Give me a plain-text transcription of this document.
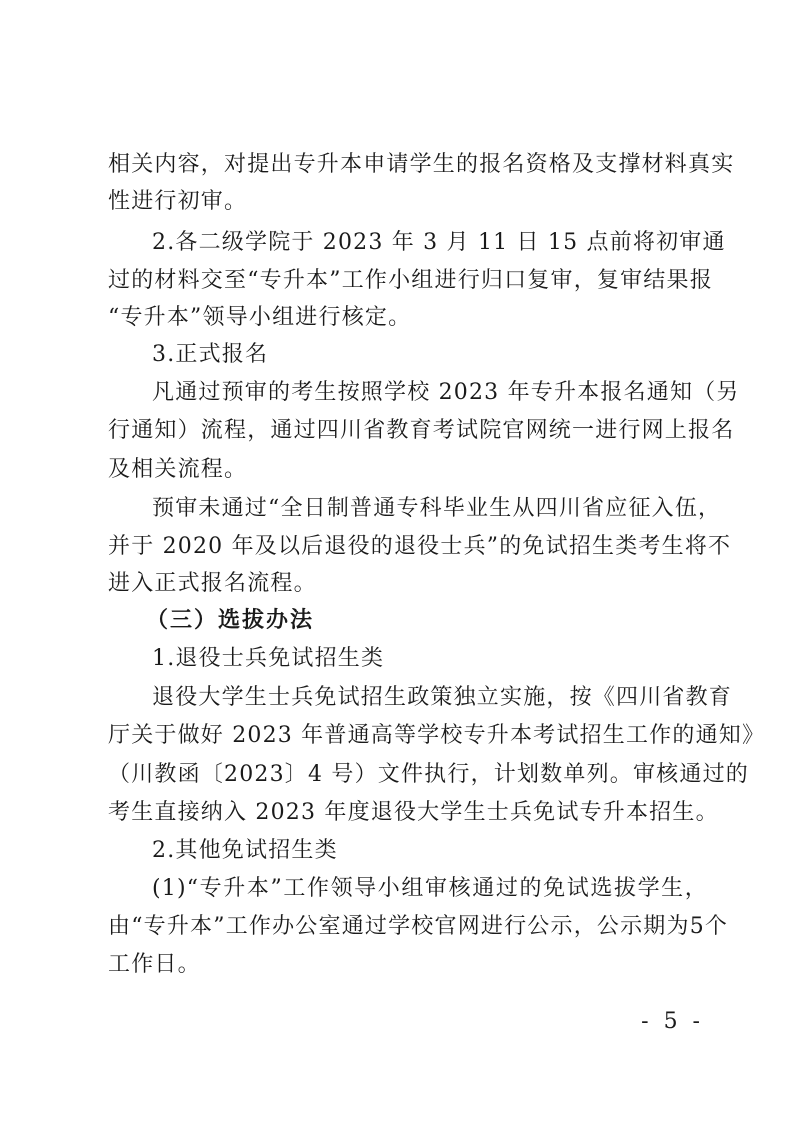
相关内容，对提出专升本申请学生的报名资格及支撑材料真实
性进行初审。
2.各二级学院于 2023 年 3 月 11 日 15 点前将初审通
过的材料交至“专升本”工作小组进行归口复审，复审结果报
“专升本”领导小组进行核定。
3.正式报名
凡通过预审的考生按照学校 2023 年专升本报名通知（另
行通知）流程，通过四川省教育考试院官网统一进行网上报名
及相关流程。
预审未通过“全日制普通专科毕业生从四川省应征入伍，
并于 2020 年及以后退役的退役士兵”的免试招生类考生将不
进入正式报名流程。
（三）选拔办法
1.退役士兵免试招生类
退役大学生士兵免试招生政策独立实施，按《四川省教育
厅关于做好 2023 年普通高等学校专升本考试招生工作的通知》
（川教函〔2023〕4 号）文件执行，计划数单列。审核通过的
考生直接纳入 2023 年度退役大学生士兵免试专升本招生。
2.其他免试招生类
(1)“专升本”工作领导小组审核通过的免试选拔学生，
由“专升本”工作办公室通过学校官网进行公示，公示期为5个
工作日。
- 5 -
